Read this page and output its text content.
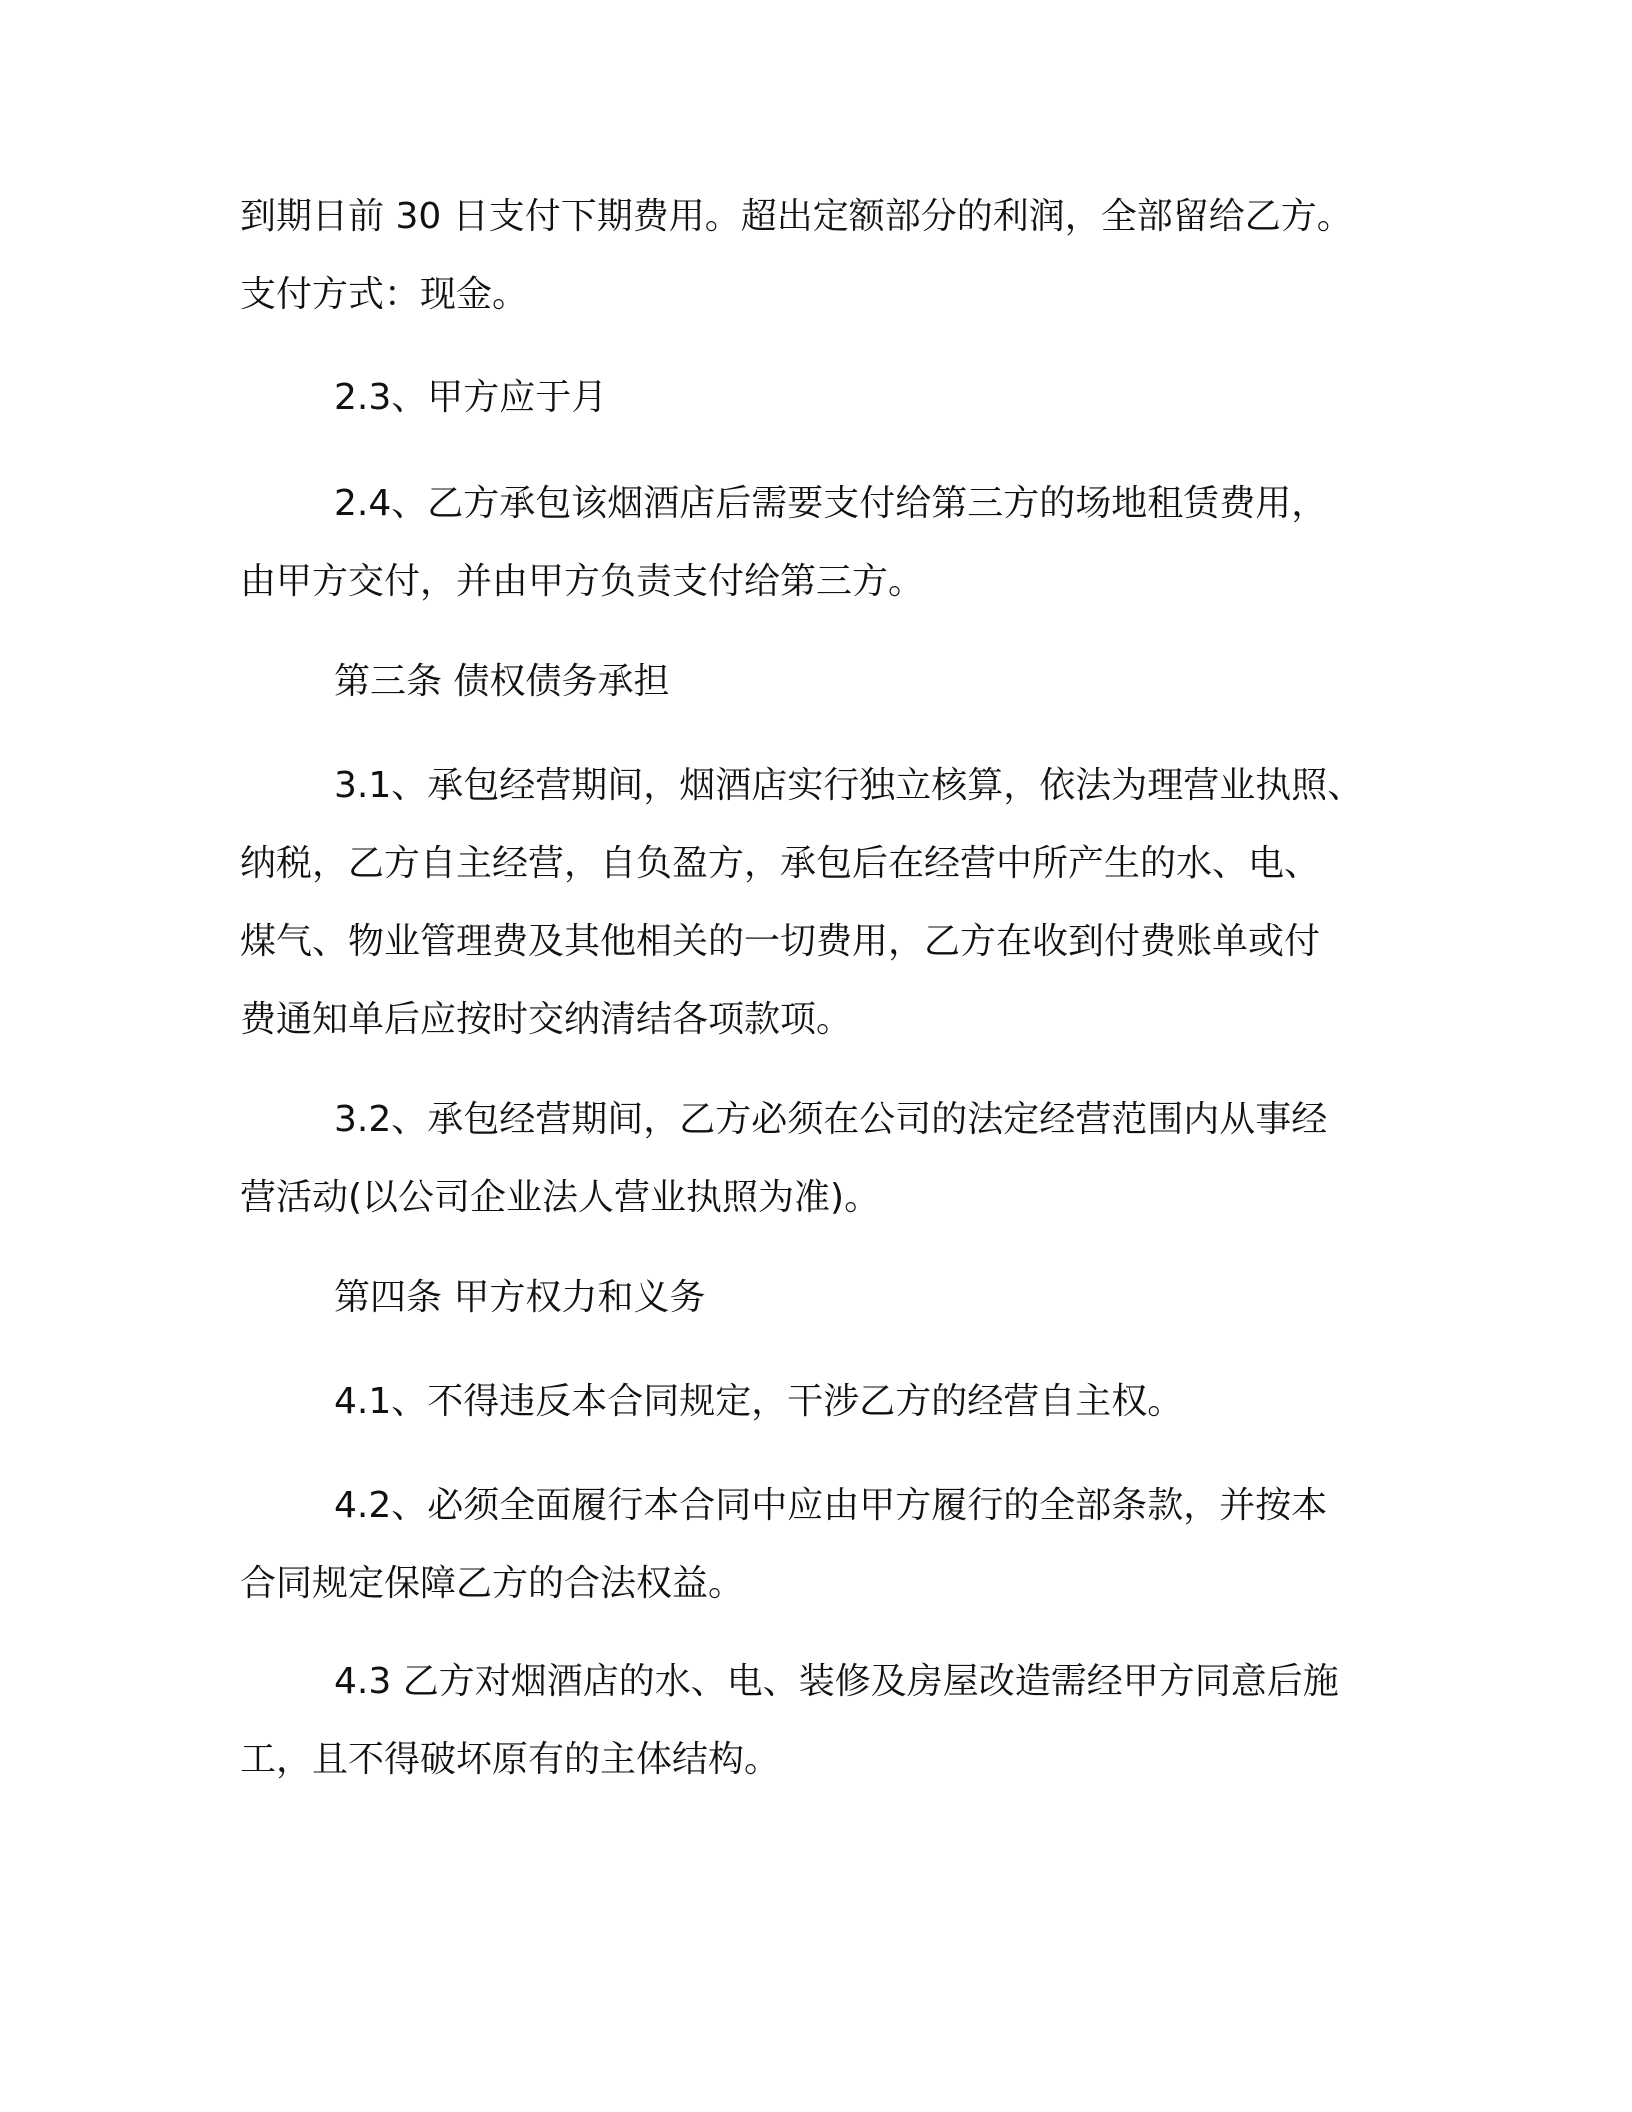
到期日前 30 日支付下期费用。超出定额部分的利润，全部留给乙方。
支付方式：现金。
2.3、甲方应于月
2.4、乙方承包该烟酒店后需要支付给第三方的场地租赁费用，
由甲方交付，并由甲方负责支付给第三方。
第三条 债权债务承担
3.1、承包经营期间，烟酒店实行独立核算，依法为理营业执照、
纳税，乙方自主经营，自负盈方，承包后在经营中所产生的水、电、
煤气、物业管理费及其他相关的一切费用，乙方在收到付费账单或付
费通知单后应按时交纳清结各项款项。
3.2、承包经营期间，乙方必须在公司的法定经营范围内从事经
营活动(以公司企业法人营业执照为准)。
第四条 甲方权力和义务
4.1、不得违反本合同规定，干涉乙方的经营自主权。
4.2、必须全面履行本合同中应由甲方履行的全部条款，并按本
合同规定保障乙方的合法权益。
4.3 乙方对烟酒店的水、电、装修及房屋改造需经甲方同意后施
工，且不得破坏原有的主体结构。
